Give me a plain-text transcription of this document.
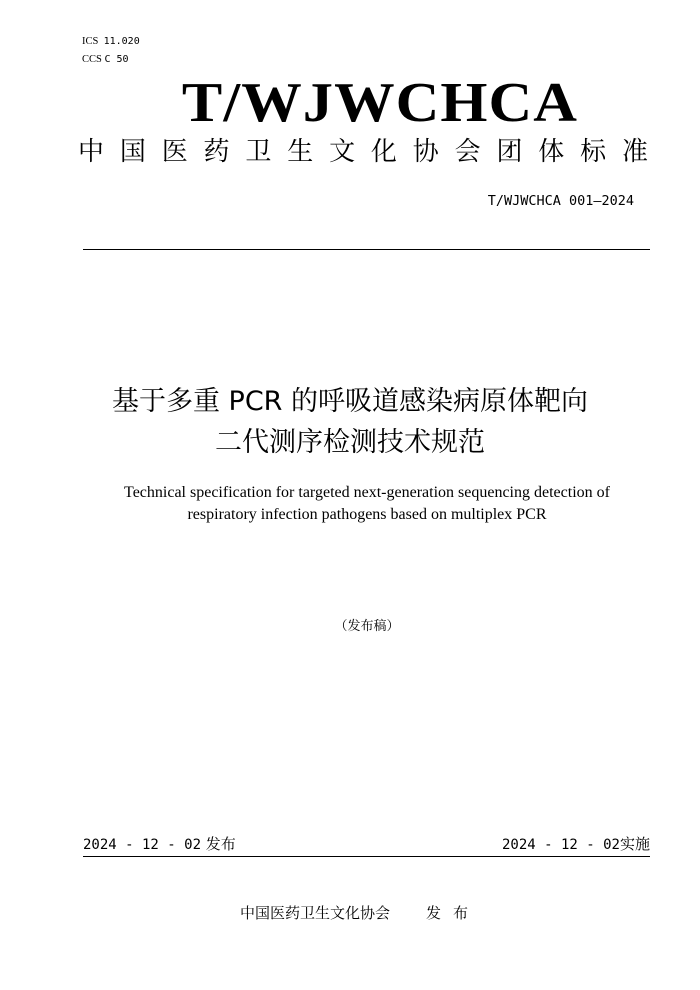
ICS 11.020
CCS C 50
T/WJWCHCA
中 国 医 药 卫 生 文 化 协 会 团 体 标 准
T/WJWCHCA 001—2024
基于多重 PCR 的呼吸道感染病原体靶向
二代测序检测技术规范
Technical specification for targeted next-generation sequencing detection of
respiratory infection pathogens based on multiplex PCR
（发布稿）
2024 - 12 - 02 发布	2024 - 12 - 02实施
中国医药卫生文化协会 发布
